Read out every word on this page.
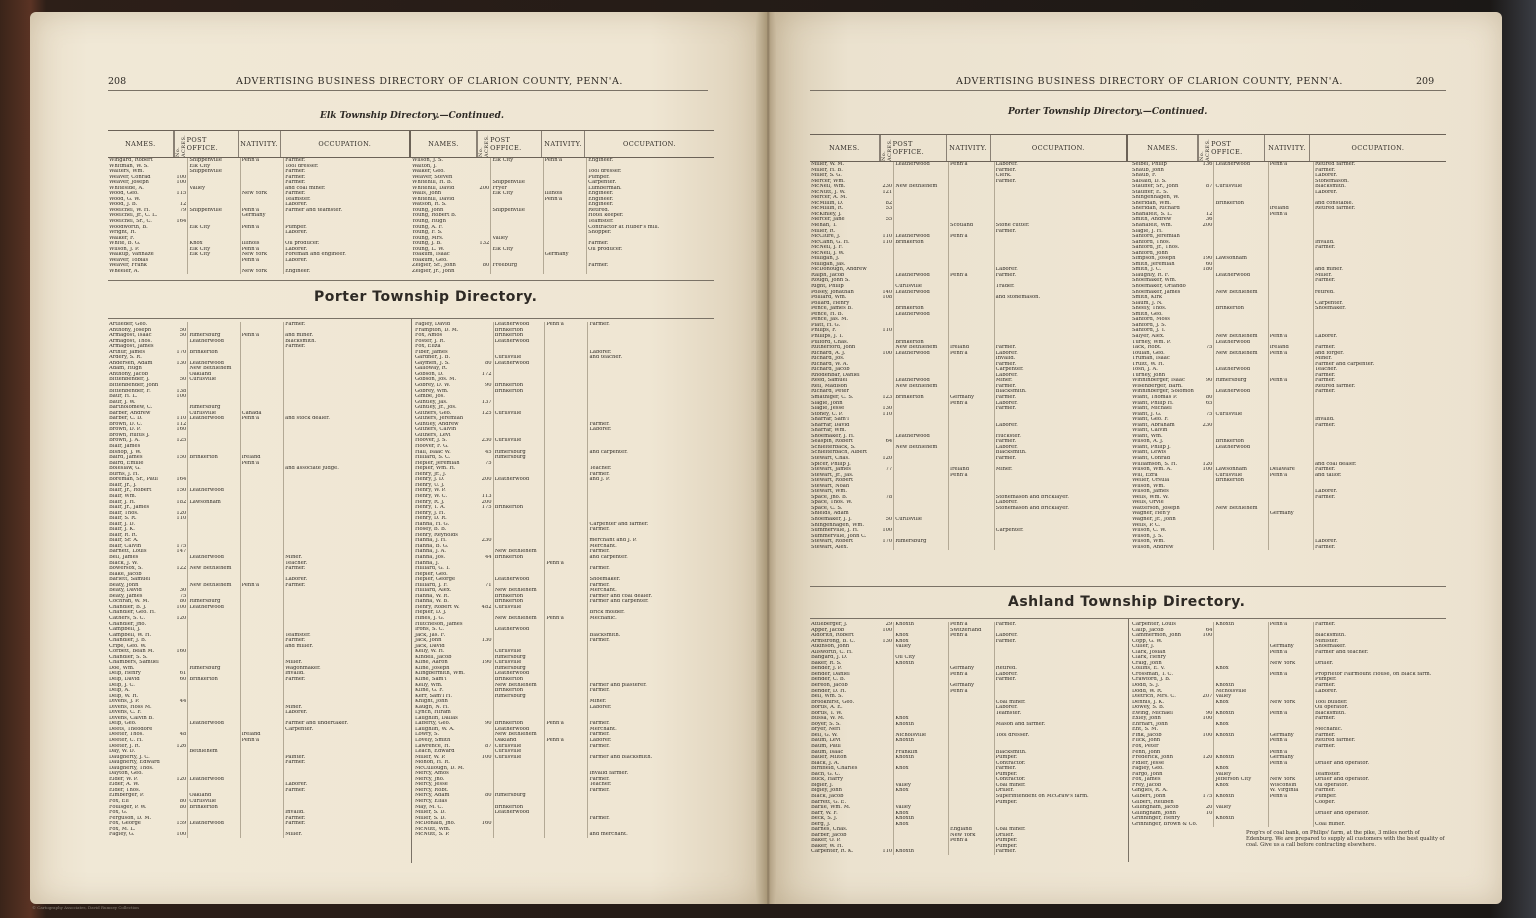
208	ADVERTISING BUSINESS DIRECTORY OF CLARION COUNTY, PENN'A.
Elk Township Directory.—Continued.
NAMES.
No. ACRES. POST OFFICE.	NATIVITY.	OCCUPATION.	NAMES.
No. ACRES. POST OFFICE.	NATIVITY.	OCCUPATION.
Wingard, Robert		Shippenville	Penn'a	Farmer.
Whitman, W. S.		Elk City		Tool dresser.
Walters, Wm.		Shippenville		Farmer.
Weaver, Conrad	100			Farmer.
Weaver, Joseph	100			Farmer.
Whiteside, A.		Valley		and coal miner.
Wood, Geo.	115		New York	Farmer.
Wood, G. W.				Teamster.
Wood, J. B.	12			Laborer.
Woelchel, W. H.	79	Shippenville	Penn'a	Farmer and teamster.
Woelchel, Jr., C. L.			Germany	
Woelchel, Sr., C.	164			
Woodworth, B.		Elk City	Penn'a	Pumper.
Wright, H.				Laborer.
Walker, F.				
White, B. G.		Knox	Illinois	Oil producer.
Wilson, J. P.		Elk City	Penn'a	Laborer.
Walkup, Vannaze		Elk City	New York	Foreman and engineer.
Weaver, Tobias			Penn'a	Laborer.
Weaver, Frank				
Wheeler, A.			New York	Engineer.
Wilson, J. S.		Elk City	Penn'a	Engineer.
Walton, J.				
Walker, Geo.				Tool dresser.
Weaver, Steven				Pumper.
Whitehill, H. B.		Shippenville		Carpenter.
Whitehill, David	200	Fryer		Lumberman.
Walls, John		Elk City	Illinois	Engineer.
Whitehill, David			Penn'a	Engineer.
Watson, R. S.				Engineer.
Young, John		Shippenville		Retired.
Young, Robert B.				Hotel keeper.
Young, Hugh				Teamster.
Young, A. F.				Contractor at Huber's mill.
Young, F. S.				Shopper.
Young, Mrs.		Valley		
Young, J. B.	132			Farmer.
Young, L. W.		Elk City		Oil producer.
Yoakum, Isaac			Germany	
Yoakum, Geo.				
Zeigler, Sr., John	80	Freeburg		Farmer.
Zeigler, Jr., John				
Porter Township Directory.
Artlieder, Geo.				Farmer.
Anthony, Joseph	50			
Armagost, Isaac	50	Rimersburg	Penn'a	and miner.
Armagost, Thos.		Leatherwood		Blacksmith.
Armagost, James				Farmer.
Arthur, James	170	Brinkerton		
Ardery, S. R.				
Andersen, Adam	130	Leatherwood		
Adam, Hugh		New Bethlehem		
Anthony, Jacob		Oakland		
Bittenbender, J.	50	Curllsville		
Bittenbender, John				
Bittenbender, F.	138			
Baur, H. L.	100			
Baur, J. W.				
Bartholomew, C.		Rimersburg		
Barber, Andrew		Curllsville	Canada	
Barber, C. D.	110	Leatherwood	Penn'a	and stock dealer.
Brown, D. C.	112			
Brown, D. P.	160			
Brown, Rufus J.				
Brown, J. A.	125			
Blair, James				
Bishop, J. W.				
Baird, James	150	Brinkerton	Ireland	
Baird, Emilie			Penn'a	
Boleslaw, G.				and associate judge.
Burns, J. H.				
Boreman, Sr., Paul	164			
Blair, Jr., J.				
Blair, Jr., Robert	150	Leatherwood		
Blair, Wm.				
Blair, J. H.	182	Lawsonham		
Blair, Jr., James				
Blair, Thos.	120			
Blair, S. R.	110			
Blair, J. D.				
Blair, J. K.				
Blair, R. R.				
Blair, Sr. A.				
Blair, Calvin	175			
Barnett, Louis	147			
Bell, James		Leatherwood		Miner.
Black, J. W.				Teacher.
Bowersox, S.	122	New Bethlehem		Farmer.
Blake, Jacob				
Barlett, Samuel				Laborer.
Beaty, John		New Bethlehem	Penn'a	Farmer.
Beaty, David	30			
Beaty, James	75			
Cochran, W. M.	80	Rimersburg		
Chandler, B. J.	100	Leatherwood		
Chandler, Geo. H.				
Cathers, S. C.	120			
Chandler, Jno.				
Campbell, J.				
Campbell, W. H.				Teamster.
Chandler, J. B.				Farmer.
Cripe, Geo. W.				and miller.
Corbett, Bean M.	160			
Chandler, S. S.				
Chambers, Samuel				Miller.
Doe, Wm.		Rimersburg		Wagonmaker.
Delp, Henry	61			Invalid.
Delp, David	60	Brinkerton		Farmer.
Delp, J. C.				
Delp, A.				
Delp, W. H.				
Divens, J. P.	44			
Divens, Hoss M.				Miner.
Divens, C. F.				Laborer.
Divens, Calvin B.				
Delp, Geo.		Leatherwood		Farmer and undertaker.
Deets, Theodore				Carpenter.
Deeter, Thos.	48		Ireland	
Deeter, C. H.			Penn'a	
Deeter, J. R.	126			
Day, W. D.		Bethlehem		
Daugherty, J. C.				Painter.
Daugherty, Edward				Farmer.
Daugherty, Thos.				
Dayton, Geo.				
Elder, W. P.	120	Leatherwood		
Elder, A. W.				Laborer.
Elder, Thos.				Farmer.
Elmberger, P.		Oakland		
Fox, Eli	80	Curllsville		
Foulsger, P. W.	80	Brinkerton		
Fox, G.				Invalid.
Ferguson, D. M.				Farmer.
Fox, George	159	Leatherwood		Farmer.
Fox, M. L.				
Fagley, G.	100			Miller.
Fagley, David		Leatherwood	Penn'a	Farmer.
Frampton, D. M.		Brinkerton		
Fox, Amos		Brinkerton		
Foster, J. R.		Leatherwood		
Fox, Eliza				
Fiber, James				Laborer.
Gardner, J. B.		Curllsville		and teacher.
Gaymen, J. S.	80	Leatherwood		
Galloway, R.				
Gobson, D.	172			
Gobson, Jos. M.				
Gobrey, D. W.	90	Brinkerton		
Gobrey, Wm.		Brinkerton		
Gimbe, Jos.				
Guntley, Jas.	137			
Guntley, Jr., Jos.				
Guthers, Geo.	125	Curllsville		
Guthers, Jeremiah				
Guntley, Andrew				Farmer.
Guthers, Calvin				Laborer.
Guthers, Levi				
Hoover, J. S.	230	Curllsville		
Hoover, F. G.				
Hall, Isaac W.	45	Rimersburg		and carpenter.
Hilliard, S. C.		Rimersburg		
Hepler, Jeremiah	75			
Hepler, Wm. H.				Teacher.
Henry, Jr., J.				Farmer.
Henry, J. D.	200	Leatherwood		and J. P.
Henry, U. J.				
Henry, W. P.				
Henry, W. C.	113			
Henry, R. J.	200			
Henry, T. A.	175	Brinkerton		
Henry, J. H.				
Henry, D. R.				
Hanna, H. G.				Carpenter and farmer.
Hosey, B. B.				Farmer.
Henry, Reynolds				
Hanna, J. H.	230			merchant and J. P.
Hanna, B. G.				Merchant.
Hanna, J. A.		New Bethlehem		Farmer.
Hanna, Jos.	44	Brinkerton		and carpenter.
Hanna, J.			Penn'a	
Hilliard, G. T.				Farmer.
Hepler, Geo.				
Hepler, George		Leatherwood		Shoemaker.
Hilliard, J. F.	71			Farmer.
Hilliard, Alex.		New Bethlehem		Merchant.
Hanna, W. R.		Brinkerton		Farmer and coal dealer.
Hanna, W. B.		Brinkerton		Farmer and carpenter.
Henry, Robert W.	482	Curllsville		
Hepler, D. J.				Brick molder.
Hines, J. G.		New Bethlehem	Penn'a	Mechanic.
Hutcheson, James				
Irons, S. C.		Leatherwood		
Jack, Jas. F.				Blacksmith.
Jack, John	130			Farmer.
Jack, David				
Kelly, W. H.		Curllsville		
Kindell, Jacob		Rimersburg		
Kline, Aaron	190	Curllsville		
Kline, Joseph		Rimersburg		
Klingbermith, Wm.		Leatherwood		
Kline, Sam'l		Brinkerton		
Kelly, Wm.		New Bethlehem		Farmer and plasterer.
Kline, G. F.		Brinkerton		Farmer.
Kerr, Sam'l H.		Rimersburg		
Knight, John				Miner.
Kaugh, N. H.				Laborer.
Lynch, Hiram				
Laughlin, Dallas				
Lafferty, Geo.	90	Brinkerton	Penn'a	Farmer.
Laughlin, W. A.		Leatherwood		Merchant.
Lowry, S.		New Bethlehem		Farmer.
Lovely, Smith		Oakland	Penn'a	Laborer.
Lawrence, H.	87	Curllsville		Farmer.
Leach, Edward		Curllsville		
Miller, W. P.	100	Curllsville		Farmer and blacksmith.
Mohon, H. R.				
McCullough, D. M.				
Mercy, Amos				Invalid farmer.
Mercy, Jno.				Farmer.
Mercy, Jesse				Teacher.
Mercy, Robt.				Farmer.
Mercy, Adam	80	Rimersburg		
Mercy, Elias				
May, M. C.		Brinkerton		
Miller, S. D.		Leatherwood		
Miller, S. D.				Farmer.
McDonald, Jno.	160			
McNutt, Wm.				
McNutt, S. P.				and merchant.
ADVERTISING BUSINESS DIRECTORY OF CLARION COUNTY, PENN'A.	209
Porter Township Directory.—Continued.
NAMES.
No. ACRES. POST OFFICE.	NATIVITY.	OCCUPATION.	NAMES.
No. ACRES. POST OFFICE.	NATIVITY.	OCCUPATION.
Miller, W. M.		Leatherwood	Penn'a	Laborer.
Miller, H. B.				Farmer.
Miller, S. G.				Clerk.
Mercer, Wm.				Farmer.
McNeil, Wm.	230	New Bethlehem		
McNutt, J. W.	121			
Mercer, A. M.				
McMillin, D.	82			
McMillin, R.	53			
McKinley, J.				
Mercer, Jane	55			
Mehan, T.			Scotland	Stone cutter.
Miller, R.				Farmer.
McClure, J.	110	Leatherwood	Penn'a	
McCann, G. H.	110	Brinkerton		
McNeil, J. F.				
McNeil, J. W.				
Milligan, J.				
Milligan, Jas.				
McDonough, Andrew				Laborer.
Ralph, Jacob		Leatherwood	Penn'a	Farmer.
Rough, John S.				
Right, Philip		Curllsville		Trader.
Polsey, Jonathan	140	Leatherwood		
Polllard, Wm.	108			and stonemason.
Pollard, Henry				
Pence, James B.		Brinkerton		
Pence, H. B.		Leatherwood		
Pence, Jas. M.				
Platt, H. G.				
Philips, F.	110			
Phillips, J. T.				
Pulford, Chas.		Brinkerton		
Rutherford, John		New Bethlehem	Ireland	Farmer.
Richard, A. J.	100	Leatherwood	Penn'a	Laborer.
Richard, Jos.				Invalid.
Richard, W. A.				Farmer.
Richard, Jacob				Carpenter.
Rhodenbar, Daniel				Laborer.
Reed, Samuel		Leatherwood		Miner.
Reil, Madison		New Bethlehem		Farmer.
Richard, Peter				Blacksmith.
Smathiger, C. S.	123	Brinkerton	Germany	Farmer.
Slagle, John			Penn'a	Laborer.
Slagle, Jesse	130			Farmer.
Stoney, C. P.	110			
Sharrar, Sam'l				
Sharrar, David				Laborer.
Sharrar, Wm.				
Shoemaker, J. H.		Leatherwood		Huckster.
Seaspin, Robert	64			Farmer.
Schleiterback, S.		New Bethlehem		Laborer.
Schleiterbach, Albert				Blacksmith.
Stewart, Chas.	120			Farmer.
Spicer, Philip J.				
Stewart, James	77		Ireland	Miner.
Stewart, Jr., Jas.			Penn'a	
Stewart, Robert				
Stewart, Noah				
Stewart, Wm.				
Space, Jno. B.	78			Stonemason and bricklayer.
Space, Thos. W.				Laborer.
Space, C. S.				Stonemason and bricklayer.
Shields, Adam				
Shoemaker, J. J.	50	Curllsville		
Shingenhagen, Wm.				
Summerville, J. H.	100			Carpenter.
Summerville, John C.				
Stewart, Robert	170	Rimersburg		
Stewart, Alex.				
Seibel, Philip	136	Leatherwood	Penn'a	Retired farmer.
Shaub, John				Farmer.
Shaub, F.				Laborer.
Salsaid, D. S.				Stonemason.
Stauffer, Sr., John	87	Curllsville		Blacksmith.
Stauffer, E. S.				Laborer.
Shingenhagen, W.				
Sheridan, Wm.		Brinkerton		and constable.
Sheridan, Richard			Ireland	Retired farmer.
Shanafelt, S. L.	12		Penn'a	
Smith, Andrew	36			
Shanafelt, Wm.	200			
Slagle, J. H.				
Sanford, Jeremiah				
Sanford, Thos.				Invalid.
Sanford, Jr., Thos.				Farmer.
Sanford, John				
Simpson, Joseph	190	Lawsonham		
Smith, Jeremiah	60			
Smith, J. C.	180			and miner.
Slaughly, R. F.		Leatherwood		Miller.
Shoemaker, Wm.				Farmer.
Shoemaker, Orlando				
Shoemaker, James		New Bethlehem		retired.
Smith, Kirk				
Slaum, J. N.				Carpenter.
Sheely, Thos.		Brinkerton		Shoemaker.
Smith, Geo.				
Sanford, Moss				
Sanford, J. S.				
Sanford, J. T.				
Salyer, Alex.		New Bethlehem	Penn'a	Laborer.
Turney, Wm. P.		Leatherwood		
Tack, Robt.	75		Ireland	Farmer.
Toulan, Geo.		New Bethlehem	Penn'a	and forger.
Truman, Isaac				Miner.
Truitt, W. H.				Farmer and carpenter.
Tosh, J. A.		Leatherwood		Teacher.
Turney, John				Farmer.
Winninberger, Isaac	90	Rimersburg	Penn'a	Farmer.
Wisenberger, Barn.				Retired farmer.
Winninberger, Solomon		Leatherwood		Farmer.
Wiant, Thomas P.	80			
Wiant, Philip H.	65			
Wiant, Michael				
Wiant, J. G.	75	Curllsville		
Wiant, Geo. F.				Invalid.
Wiant, Abraham	230			Farmer.
Wiant, Calvin				
Wiant, Wm.				
Wilson, A. J.		Brinkerton		
Wiant, Philip J.		Leatherwood		
Wiant, Lewis				
Wiant, Conrad				
Williamson, S. H.	120			and coal dealer.
Wilson, Wm. A.	100	Lawsonham	Delaware	Farmer.
Will, Ezra		Curllsville	Penn'a	and tailor.
Weller, Ursula		Brinkerton		
Wilson, Wm.				
Wilson, James				Laborer.
Wells, Wm. W.				Farmer.
Wells, Orvie				
Watterson, Joseph		New Bethlehem		
Wagner, Hen'y			Germany	
Wagner, Jr., John				
Wells, P. C.				
Wilson, C. W.				
Wilson, J. S.				
Wilson, Wm.				Laborer.
Wilson, Andrew				Farmer.
Ashland Township Directory.
Attleberger, J.	29	Knoxth	Penn'a	Farmer.
Apper, Jacob	100		Switzerland	
Aldorith, Robert		Knox	Penn'a	Laborer.
Armstrong, B. C.	130	Knox		Farmer.
Atkinson, John		Valley		
Allsworth, C. H.				
Bangard, J. D.		Oil City		
Baker, R. S.		Knoxth		
Bender, J. P.			Germany	Retired.
Bender, Daniel			Penn'a	Laborer.
Bender, C. B.				Farmer.
Bereon, Jacob			Germany	
Bender, D. H.			Penn'a	
Bell, Wm. S.				
Brookhirst, Geo.				Coal miner.
Bortis, A. E.				Laborer.
Bortis, T. W.				Teamster.
Bussa, W. M.		Knox		
Boyer, S. S.		Knoxth		Mason and farmer.
Bryer, Nerl				
Bell, G. W.		Nicholsville		Tool dresser.
Baum, Levi		Knoxth		
Baum, Paul				
Baum, Isaac		Franklin		Blacksmith.
Bauer, Milton		Knoxth		Pumper.
Black, J. A.				Contractor.
Birnfield, Charles		Knox		Farmer.
Bach, G. C.				Pumper.
Buck, Harry				Contractor.
Bigler, J.		Valley		Coal miner.
Bigley, John		Knox		Driller.
Black, Jacob				Superintendent on McGraw's farm.
Barrett, G. E.				Pumper.
Barile, Wm. M.		Valley		
Barr, W. F.		Knox		
Beck, S. J.		Knoxth		
Berg, J.		Knox		
Barnes, Chas.			England	Coal miner.
Barber, Jacob			New York	Driller.
Baker, O. P.			Penn'a	Pumper.
Baker, W. H.				Pumper.
Carpenter, R. K.	110	Knoxth		Farmer.
Carpenter, Louis		Knoxth	Penn'a	Farmer.
Calip, Jacob	64			
Cammermon, John	100			Blacksmith.
Copp, G. W.				Minister.
Culler, J.			Germany	Shoemaker.
Clark, Josiah			Penn'a	Farmer and teacher.
Clark, Henry				
Craig, John			New York	Driller.
Collins, E. V.		Knox		
Crossman, T. C.			Penn'a	Proprietor Fairmount House, on Black farm.
Crawford, J. B.				Pumper.
Dodd, S. J.		Knoxth		Farmer.
Dodd, W. R.		Nicholsville		Laborer.
Dietrich, Mrs. C.	207	Valley		
Dennis, J. K.		Knox	New York	Tool builder.
Dowey, S. B.				Oil operator.
Ewing, Michael	90	Knoxth	Penn'a	Blacksmith.
Exley, John	100			Farmer.
Ehrhart, John		Knox		
Ent, S. M.				Mechanic.
Fink, Jacob	100	Knoxth	Germany	Farmer.
Flick, John			Penn'a	Retired farmer.
Fox, Peter				Farmer.
Fenn, John			Penn'a	
Frederick, John	120	Knoxth	Germany	
Fidler, Jesse			Penn'a	Driller and operator.
Fagley, Geo.		Knox		
Fargo, John		Valley		Teamster.
Fox, James		Jefferson City	New York	Driller and operator.
Frey, Jacob		Knox	Wisconsin	Oil operator.
Gingles, R. A.			W. Virginia	Farmer.
Gilbert, John	175	Knoxth	Penn'a	Pumper.
Gilbert, Reuben				Cooper.
Gillingham, Jacob	20	Valley		
Gillingham, John	10			Driller and operator.
Grinninger, Henry		Knoxth		
Grinninger, Brown & Co.				Coal miner.
Prop'rs of coal bank, on Philips' farm, at the pike, 3 miles north of Edenburg. We are prepared to supply all customers with the best quality of coal. Give us a call before contracting elsewhere.
© Cartography Associates, David Rumsey Collection
